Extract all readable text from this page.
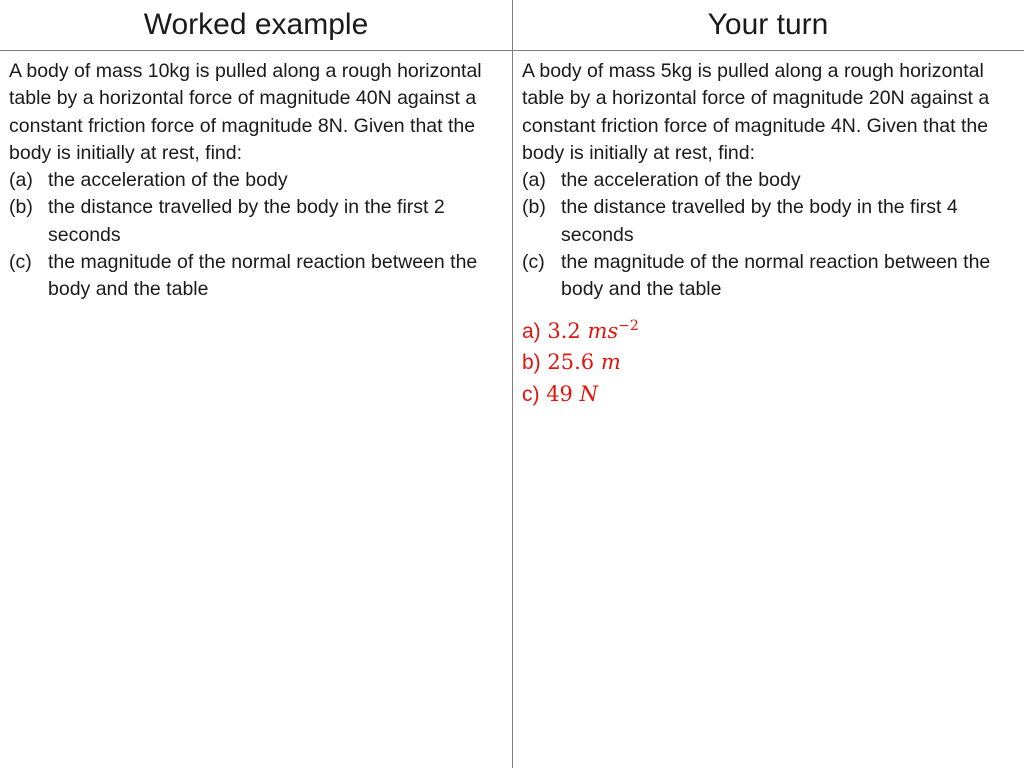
Worked example	Your turn

A body of mass 10kg is pulled along a rough horizontal table by a horizontal force of magnitude 40N against a constant friction force of magnitude 8N. Given that the body is initially at rest, find:

(a) the acceleration of the body
(b) the distance travelled by the body in the first 2 seconds
(c) the magnitude of the normal reaction between the body and the table

A body of mass 5kg is pulled along a rough horizontal table by a horizontal force of magnitude 20N against a constant friction force of magnitude 4N. Given that the body is initially at rest, find:

(a) the acceleration of the body
(b) the distance travelled by the body in the first 4 seconds
(c) the magnitude of the normal reaction between the body and the table
a) 3.2 $ms^{-2}$
b) 25.6 m
c) 49 N
